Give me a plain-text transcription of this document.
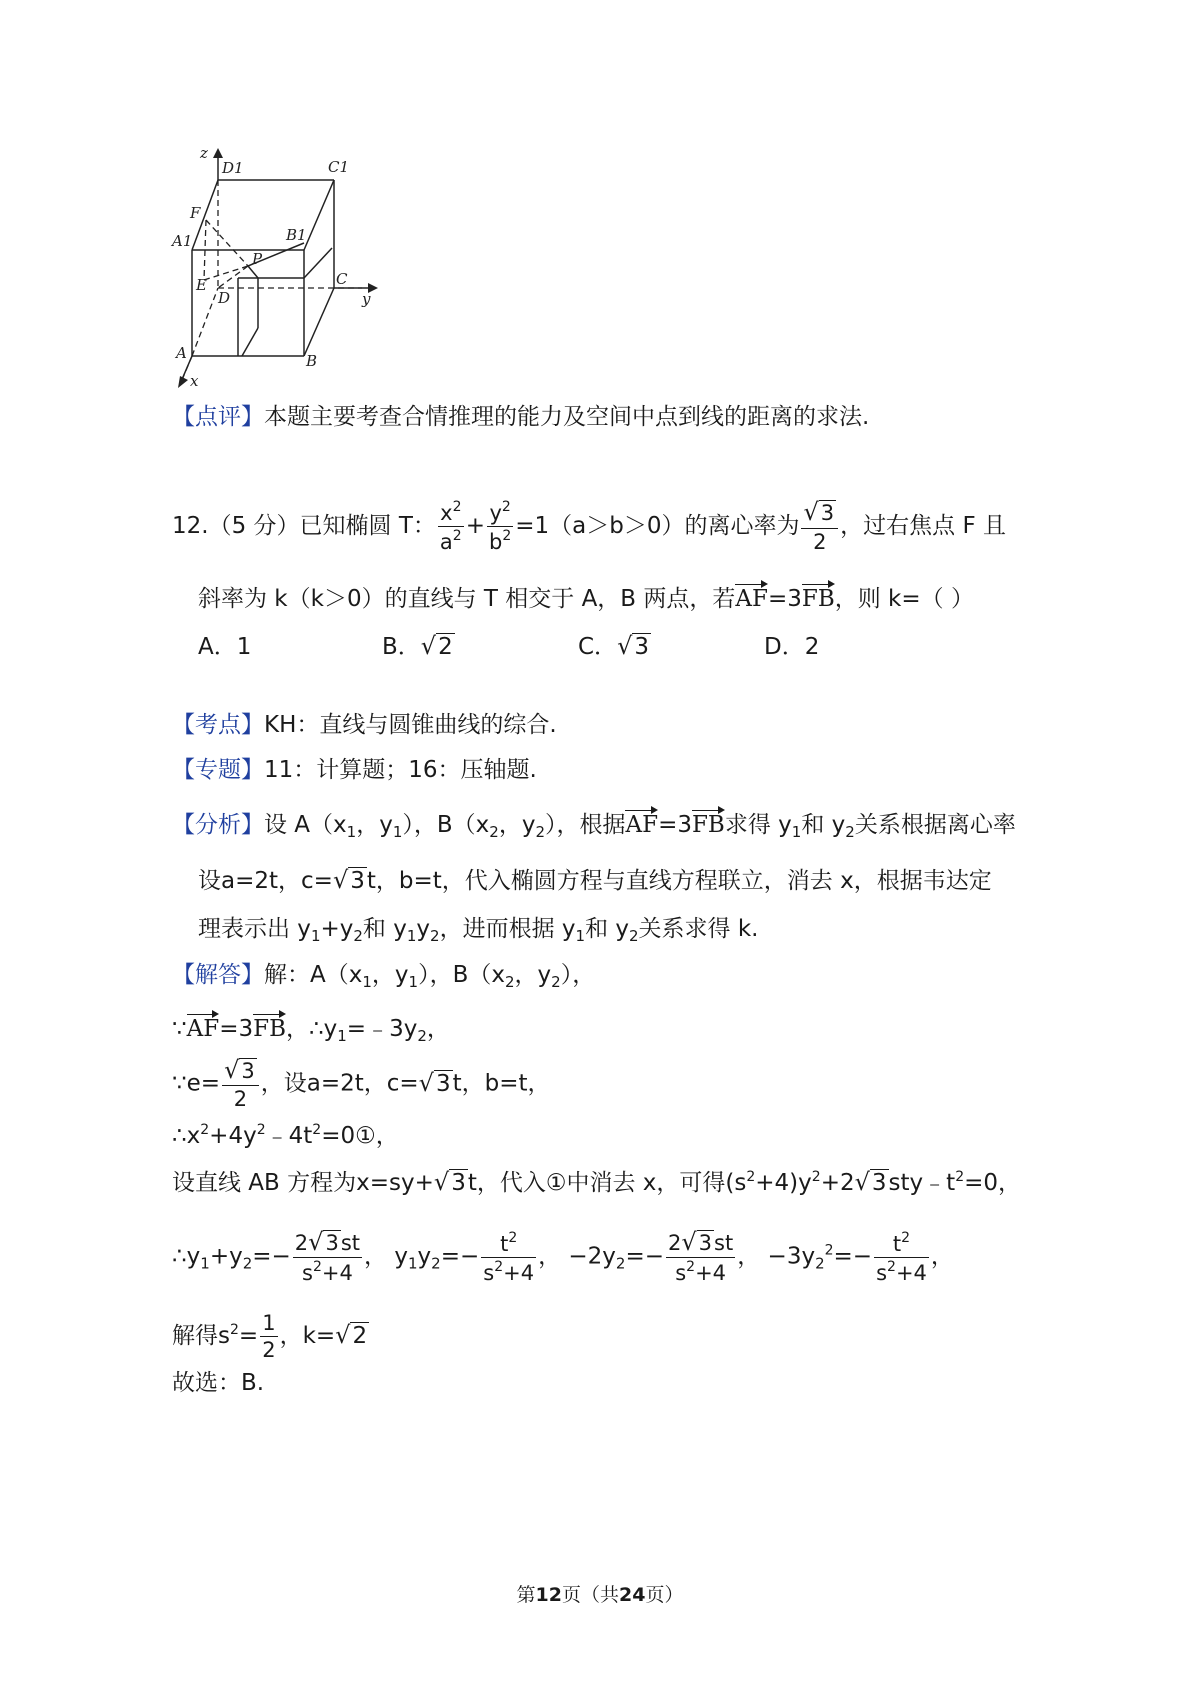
z
D1	C1
F
A1	B1
P
E
D
C
y
A	B
x
【点评】本题主要考查合情推理的能力及空间中点到线的距离的求法.
12.（5 分）已知椭圆 T： $\frac{x^2}{a^2} + \frac{y^2}{b^2} =1(a>b>0)$的离心率为 $\frac{√3}{2}$ ，过右焦点 F 且
斜率为 k（k＞0）的直线与 T 相交于 A，B 两点，若AF=3FB，则 k=（ ）
A．1	B．√2	C．√3	D．2
【考点】KH：直线与圆锥曲线的综合.
【专题】11：计算题；16：压轴题.
【分析】设 $A(x_1$，$y_1$），$B(x_2$，$y_2$），根据AF=3FB求得 $y_1$和 $y_2$关系根据离心率
设a=2t，c=√3t，b=t，代入椭圆方程与直线方程联立，消去 x，根据韦达定
理表示出 $y_1+y_2$和 $y_1y_2$，进而根据 $y_1$和 $y_2$关系求得 k.
【解答】解：$A(x_1$，$y_1$），$B(x_2$，$y_2$），
∵AF=3FB，$\therefore y_1=﹣3y_2$，
∵e= $\frac{√3}{2}$ ，设a=2t，c=√3t，b=t，
$\therefore x^2+4y^2﹣4t^2=0①$，
设直线 AB 方程为x=sy+√3t，代入①中消去 x，可得$(s^2+4)y^2+2√3sty﹣t^2=0$，
$\therefore y_1+y_2=- \frac{2√3st}{s^2+4}$ ， $y_1y_2=- \frac{t^2}{s^2+4}$ ， $-2y_2=- \frac{2√3st}{s^2+4}$ ， $-3y_2^2=- \frac{t^2}{s^2+4}$ ，
解得$s^2= \frac{1}{2}$ ，k=√2
故选：B.
第12页（共24页）
